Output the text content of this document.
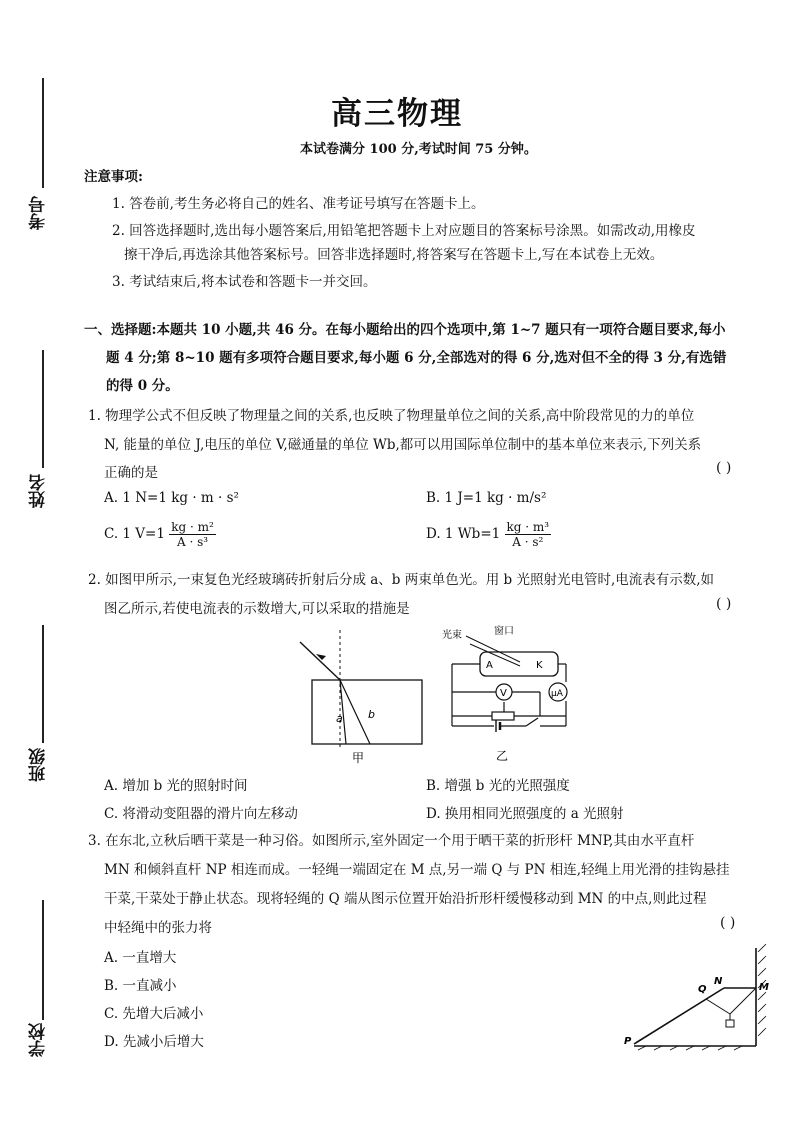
考号
姓名
班级
学校
高三物理
本试卷满分 100 分,考试时间 75 分钟。
注意事项:
1. 答卷前,考生务必将自己的姓名、准考证号填写在答题卡上。
2. 回答选择题时,选出每小题答案后,用铅笔把答题卡上对应题目的答案标号涂黑。如需改动,用橡皮
擦干净后,再选涂其他答案标号。回答非选择题时,将答案写在答题卡上,写在本试卷上无效。
3. 考试结束后,将本试卷和答题卡一并交回。
一、选择题:本题共 10 小题,共 46 分。在每小题给出的四个选项中,第 1~7 题只有一项符合题目要求,每小
题 4 分;第 8~10 题有多项符合题目要求,每小题 6 分,全部选对的得 6 分,选对但不全的得 3 分,有选错
的得 0 分。
1. 物理学公式不但反映了物理量之间的关系,也反映了物理量单位之间的关系,高中阶段常见的力的单位
N, 能量的单位 J,电压的单位 V,磁通量的单位 Wb,都可以用国际单位制中的基本单位来表示,下列关系
正确的是	( )
A. 1 N=1 kg · m · s²	B. 1 J=1 kg · m/s²
C. 1 $V=1 \frac{\text{kg · m²}}{\text{A · s³}}$	D. 1 $Wb=1 \frac{\text{kg · m³}}{\text{A · s²}}$
2. 如图甲所示,一束复色光经玻璃砖折射后分成 a、b 两束单色光。用 b 光照射光电管时,电流表有示数,如
图乙所示,若使电流表的示数增大,可以采取的措施是	( )
a b
甲
光束	窗口
A	K
μA
V
乙
A. 增加 b 光的照射时间	B. 增强 b 光的光照强度
C. 将滑动变阻器的滑片向左移动	D. 换用相同光照强度的 a 光照射
3. 在东北,立秋后晒干菜是一种习俗。如图所示,室外固定一个用于晒干菜的折形杆 MNP,其由水平直杆
MN 和倾斜直杆 NP 相连而成。一轻绳一端固定在 M 点,另一端 Q 与 PN 相连,轻绳上用光滑的挂钩悬挂
干菜,干菜处于静止状态。现将轻绳的 Q 端从图示位置开始沿折形杆缓慢移动到 MN 的中点,则此过程
中轻绳中的张力将	( )
A. 一直增大
B. 一直减小
C. 先增大后减小
D. 先减小后增大
Q
N
M
P
